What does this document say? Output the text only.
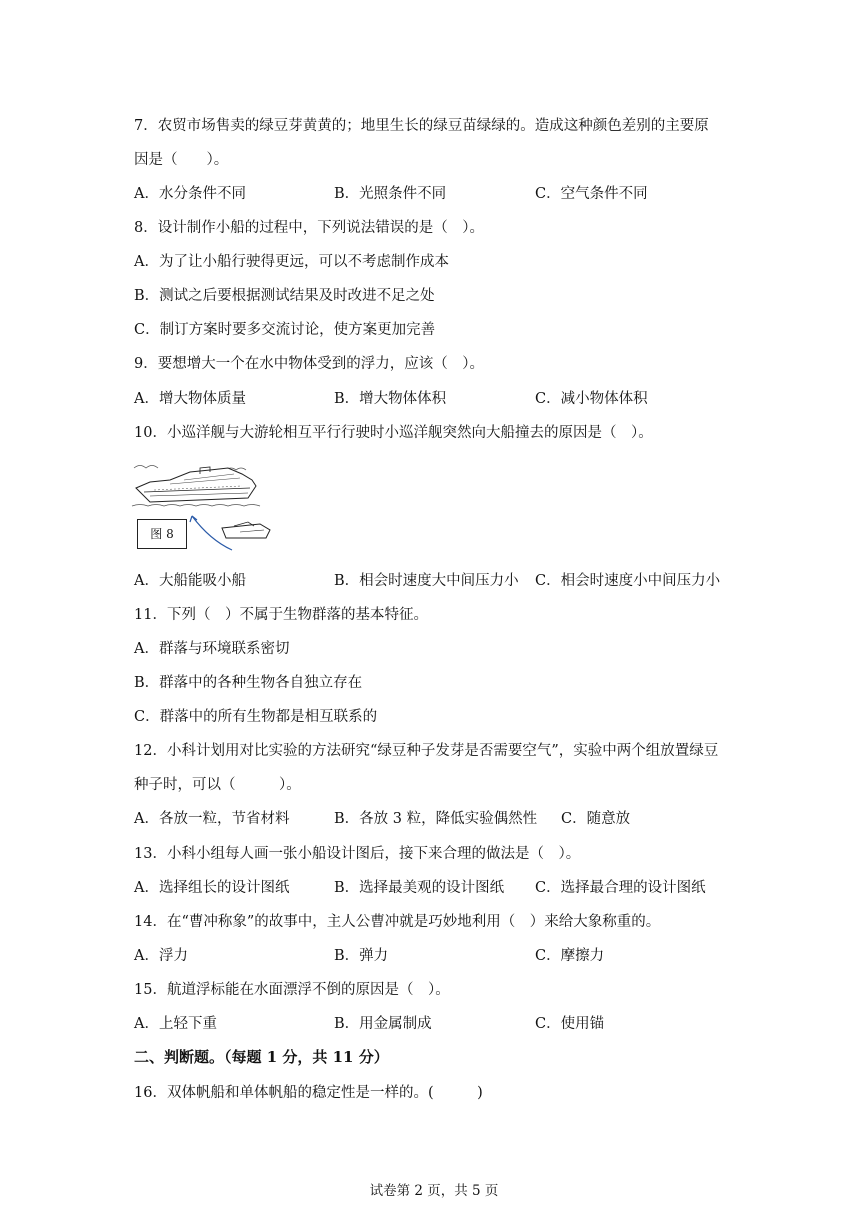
7．农贸市场售卖的绿豆芽黄黄的；地里生长的绿豆苗绿绿的。造成这种颜色差别的主要原
因是（　　）。
A．水分条件不同	B．光照条件不同	C．空气条件不同
8．设计制作小船的过程中，下列说法错误的是（　）。
A．为了让小船行驶得更远，可以不考虑制作成本
B．测试之后要根据测试结果及时改进不足之处
C．制订方案时要多交流讨论，使方案更加完善
9．要想增大一个在水中物体受到的浮力，应该（　）。
A．增大物体质量	B．增大物体体积	C．减小物体体积
10．小巡洋舰与大游轮相互平行行驶时小巡洋舰突然向大船撞去的原因是（　）。
图 8
A．大船能吸小船	B．相会时速度大中间压力小 C．相会时速度小中间压力小
11．下列（　）不属于生物群落的基本特征。
A．群落与环境联系密切
B．群落中的各种生物各自独立存在
C．群落中的所有生物都是相互联系的
12．小科计划用对比实验的方法研究“绿豆种子发芽是否需要空气”，实验中两个组放置绿豆
种子时，可以（　　　）。
A．各放一粒，节省材料	B．各放 3 粒，降低实验偶然性 C．随意放
13．小科小组每人画一张小船设计图后，接下来合理的做法是（　）。
A．选择组长的设计图纸	B．选择最美观的设计图纸 C．选择最合理的设计图纸
14．在“曹冲称象”的故事中，主人公曹冲就是巧妙地利用（　）来给大象称重的。
A．浮力	B．弹力	C．摩擦力
15．航道浮标能在水面漂浮不倒的原因是（　）。
A．上轻下重	B．用金属制成	C．使用锚
二、判断题。（每题 1 分，共 11 分）
16．双体帆船和单体帆船的稳定性是一样的。(　　　)
试卷第 2 页，共 5 页
